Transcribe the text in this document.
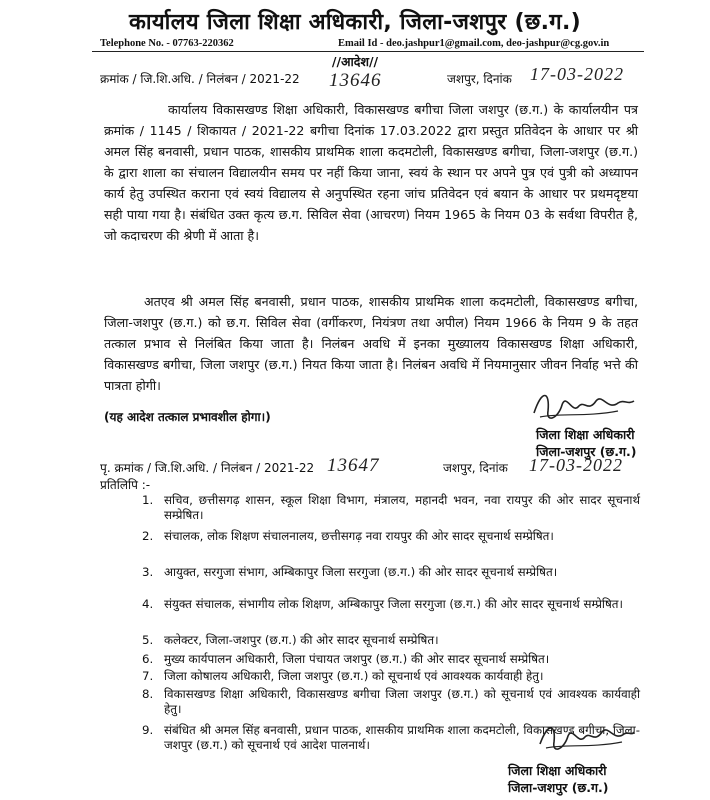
कार्यालय जिला शिक्षा अधिकारी, जिला-जशपुर (छ.ग.)
Telephone No. - 07763-220362	Email Id - deo.jashpur1@gmail.com, deo-jashpur@cg.gov.in
//आदेश//
क्रमांक / जि.शि.अधि. / निलंबन / 2021-22 13646	जशपुर, दिनांक 17-03-2022
कार्यालय विकासखण्ड शिक्षा अधिकारी, विकासखण्ड बगीचा जिला जशपुर (छ.ग.) के कार्यालयीन पत्र क्रमांक / 1145 / शिकायत / 2021-22 बगीचा दिनांक 17.03.2022 द्वारा प्रस्तुत प्रतिवेदन के आधार पर श्री अमल सिंह बनवासी, प्रधान पाठक, शासकीय प्राथमिक शाला कदमटोली, विकासखण्ड बगीचा, जिला-जशपुर (छ.ग.) के द्वारा शाला का संचालन विद्यालयीन समय पर नहीं किया जाना, स्वयं के स्थान पर अपने पुत्र एवं पुत्री को अध्यापन कार्य हेतु उपस्थित कराना एवं स्वयं विद्यालय से अनुपस्थित रहना जांच प्रतिवेदन एवं बयान के आधार पर प्रथमदृष्टया सही पाया गया है। संबंधित उक्त कृत्य छ.ग. सिविल सेवा (आचरण) नियम 1965 के नियम 03 के सर्वथा विपरीत है, जो कदाचरण की श्रेणी में आता है।
अतएव श्री अमल सिंह बनवासी, प्रधान पाठक, शासकीय प्राथमिक शाला कदमटोली, विकासखण्ड बगीचा, जिला-जशपुर (छ.ग.) को छ.ग. सिविल सेवा (वर्गीकरण, नियंत्रण तथा अपील) नियम 1966 के नियम 9 के तहत तत्काल प्रभाव से निलंबित किया जाता है। निलंबन अवधि में इनका मुख्यालय विकासखण्ड शिक्षा अधिकारी, विकासखण्ड बगीचा, जिला जशपुर (छ.ग.) नियत किया जाता है। निलंबन अवधि में नियमानुसार जीवन निर्वाह भत्ते की पात्रता होगी।
(यह आदेश तत्काल प्रभावशील होगा।)
जिला शिक्षा अधिकारी
जिला-जशपुर (छ.ग.)
पृ. क्रमांक / जि.शि.अधि. / निलंबन / 2021-22 13647	जशपुर, दिनांक 17-03-2022
प्रतिलिपि :-
1. सचिव, छत्तीसगढ़ शासन, स्कूल शिक्षा विभाग, मंत्रालय, महानदी भवन, नवा रायपुर की ओर सादर सूचनार्थ सम्प्रेषित।
2. संचालक, लोक शिक्षण संचालनालय, छत्तीसगढ़ नवा रायपुर की ओर सादर सूचनार्थ सम्प्रेषित।
3. आयुक्त, सरगुजा संभाग, अम्बिकापुर जिला सरगुजा (छ.ग.) की ओर सादर सूचनार्थ सम्प्रेषित।
4. संयुक्त संचालक, संभागीय लोक शिक्षण, अम्बिकापुर जिला सरगुजा (छ.ग.) की ओर सादर सूचनार्थ सम्प्रेषित।
5. कलेक्टर, जिला-जशपुर (छ.ग.) की ओर सादर सूचनार्थ सम्प्रेषित।
6. मुख्य कार्यपालन अधिकारी, जिला पंचायत जशपुर (छ.ग.) की ओर सादर सूचनार्थ सम्प्रेषित।
7. जिला कोषालय अधिकारी, जिला जशपुर (छ.ग.) को सूचनार्थ एवं आवश्यक कार्यवाही हेतु।
8. विकासखण्ड शिक्षा अधिकारी, विकासखण्ड बगीचा जिला जशपुर (छ.ग.) को सूचनार्थ एवं आवश्यक कार्यवाही हेतु।
9. संबंधित श्री अमल सिंह बनवासी, प्रधान पाठक, शासकीय प्राथमिक शाला कदमटोली, विकासखण्ड बगीचा, जिला-जशपुर (छ.ग.) को सूचनार्थ एवं आदेश पालनार्थ।
जिला शिक्षा अधिकारी
जिला-जशपुर (छ.ग.)
